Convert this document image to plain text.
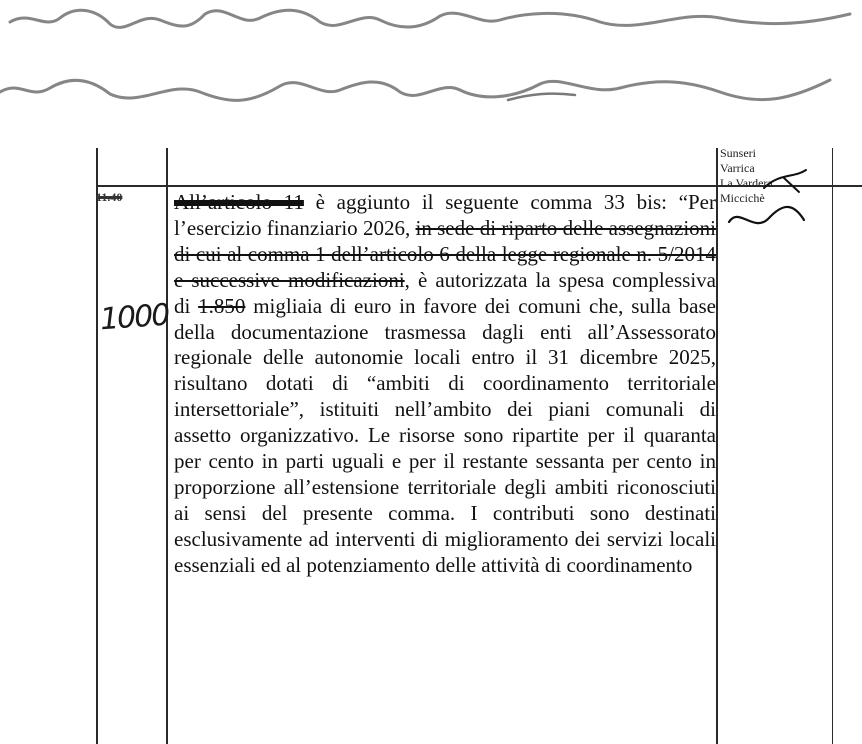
11.40
Sunseri
Varrica
La Vardera
Miccichè
1000

All’articolo 11 è aggiunto il seguente comma 33 bis: “Per l’esercizio finanziario 2026, in sede di riparto delle assegnazioni di cui al comma 1 dell’articolo 6 della legge regionale n. 5/2014 e successive modificazioni, è autorizzata la spesa complessiva di 1.850 migliaia di euro in favore dei comuni che, sulla base della documentazione trasmessa dagli enti all’Assessorato regionale delle autonomie locali entro il 31 dicembre 2025, risultano dotati di “ambiti di coordinamento territoriale intersettoriale”, istituiti nell’ambito dei piani comunali di assetto organizzativo. Le risorse sono ripartite per il quaranta per cento in parti uguali e per il restante sessanta per cento in proporzione all’estensione territoriale degli ambiti riconosciuti ai sensi del presente comma. I contributi sono destinati esclusivamente ad interventi di miglioramento dei servizi locali essenziali ed al potenziamento delle attività di coordinamento
